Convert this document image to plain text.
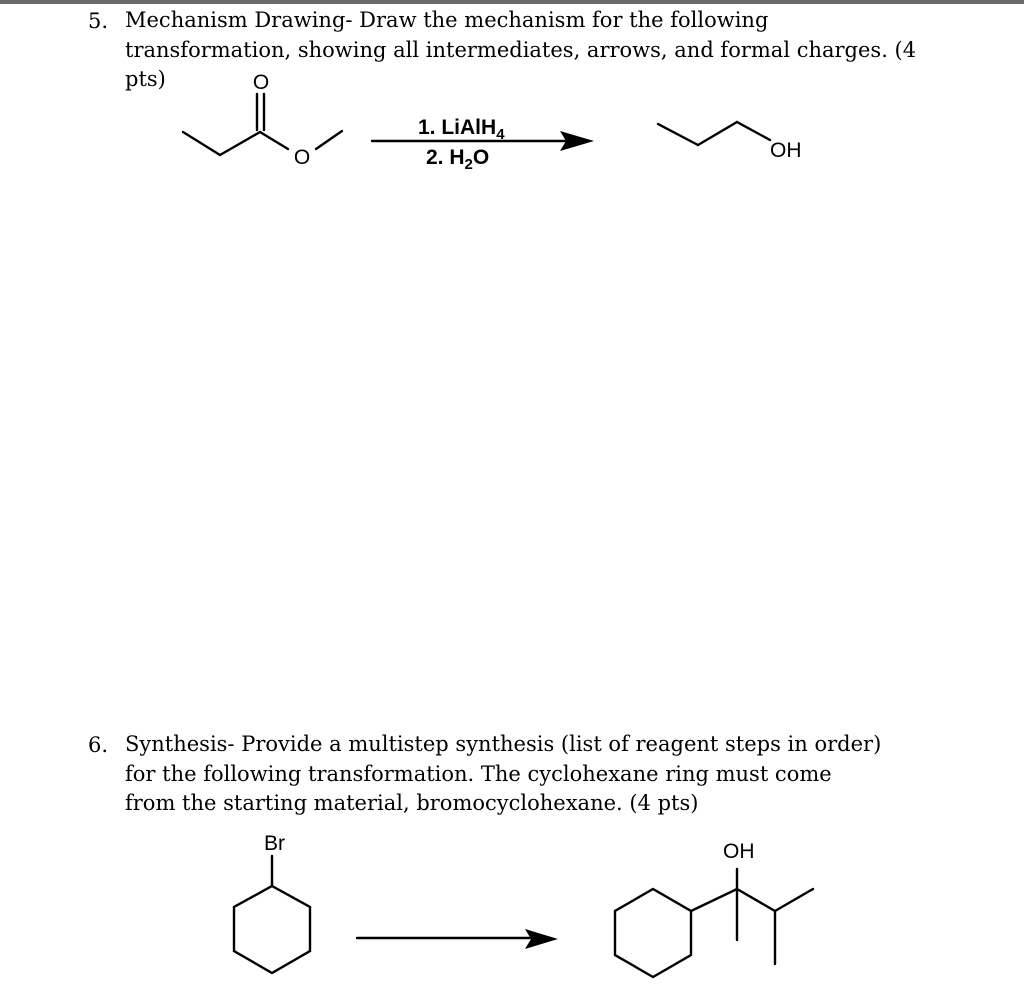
5. Mechanism Drawing- Draw the mechanism for the following transformation, showing all intermediates, arrows, and formal charges. (4 pts)
6. Synthesis- Provide a multistep synthesis (list of reagent steps in order) for the following transformation. The cyclohexane ring must come from the starting material, bromocyclohexane. (4 pts)
O
O	OH
1. LiAlH$_4$
2. $H_2O$
Br	OH
